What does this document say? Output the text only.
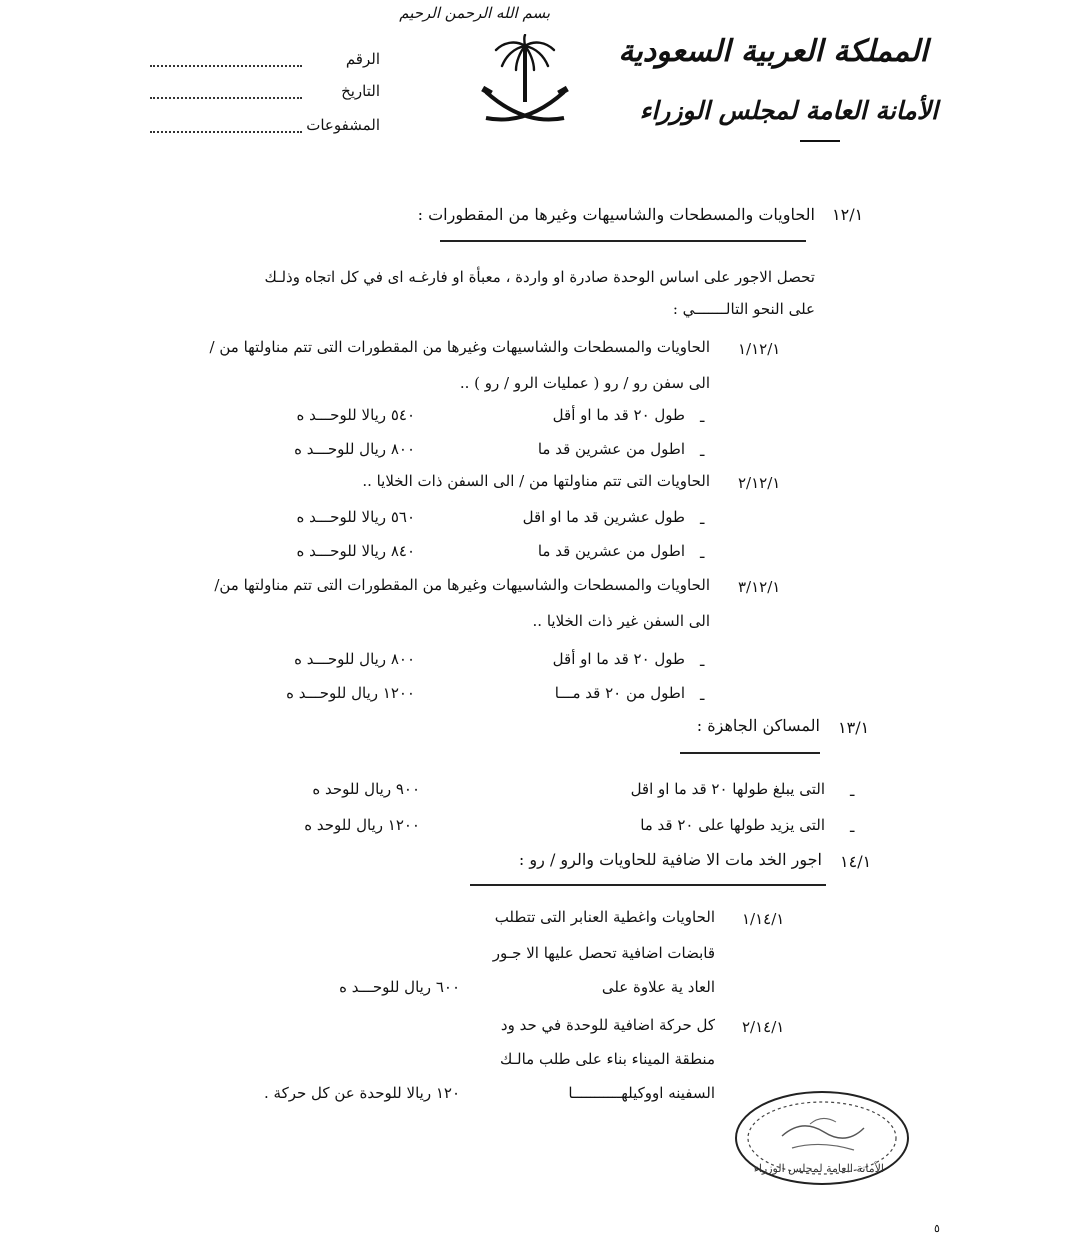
بسم الله الرحمن الرحيم
المملكة العربية السعودية
الأمانة العامة لمجلس الوزراء
الرقم
التاريخ
المشفوعات
١٢/١
الحاويات والمسطحات والشاسيهات وغيرها من المقطورات :
تحصل الاجور على اساس الوحدة صادرة او واردة ، معبأة او فارغـه اى في كل اتجاه وذلـك
على النحو التالـــــــي :
١/١٢/١
الحاويات والمسطحات والشاسيهات وغيرها من المقطورات التى تتم مناولتها من /
الى سفن رو / رو ( عمليات الرو / رو ) ..
ـ
طول ٢٠ قد ما او أقل
٥٤٠ ريالا للوحـــد ه
ـ
اطول من عشرين قد ما
٨٠٠ ريال للوحـــد ه
٢/١٢/١
الحاويات التى تتم مناولتها من / الى السفن ذات الخلايا ..
ـ
طول عشرين قد ما او اقل
٥٦٠ ريالا للوحـــد ه
ـ
اطول من عشرين قد ما
٨٤٠ ريالا للوحـــد ه
٣/١٢/١
الحاويات والمسطحات والشاسيهات وغيرها من المقطورات التى تتم مناولتها من/
الى السفن غير ذات الخلايا ..
ـ
طول ٢٠ قد ما او أقل
٨٠٠ ريال للوحـــد ه
ـ
اطول من ٢٠ قد مـــا
١٢٠٠ ريال للوحـــد ه
١٣/١
المساكن الجاهزة :
ـ
التى يبلغ طولها ٢٠ قد ما او اقل
٩٠٠ ريال للوحد ه
ـ
التى يزيد طولها على ٢٠ قد ما
١٢٠٠ ريال للوحد ه
١٤/١
اجور الخد مات الا ضافية للحاويات والرو / رو :
١/١٤/١
الحاويات واغطية العنابر التى تتطلب
قابضات اضافية تحصل عليها الا جـور
العاد ية علاوة على
٦٠٠ ريال للوحـــد ه
٢/١٤/١
كل حركة اضافية للوحدة في حد ود
منطقة الميناء بناء على طلب مالـك
السفينه اووكيلهـــــــــــا
١٢٠ ريالا للوحدة عن كل حركة .
الأمانة العامة لمجلس الوزراء
٥
